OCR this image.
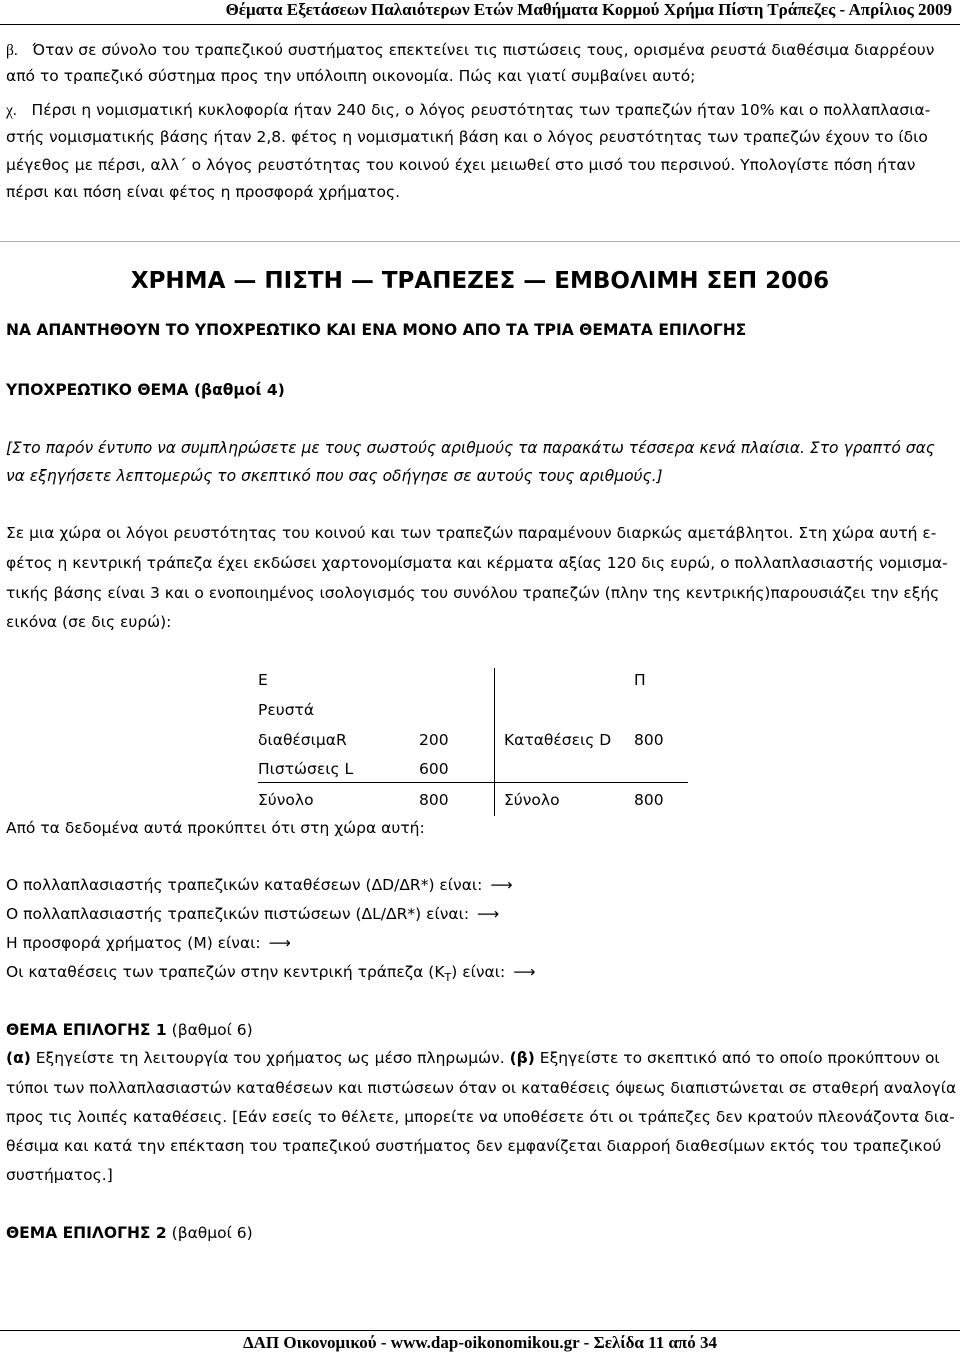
Θέματα Εξετάσεων Παλαιότερων Ετών Μαθήματα Κορμού Χρήμα Πίστη Τράπεζες - Απρίλιος 2009
β. Όταν σε σύνολο του τραπεζικού συστήματος επεκτείνει τις πιστώσεις τους, ορισμένα ρευστά διαθέσιμα διαρρέουν
από το τραπεζικό σύστημα προς την υπόλοιπη οικονομία. Πώς και γιατί συμβαίνει αυτό;
χ. Πέρσι η νομισματική κυκλοφορία ήταν 240 δις, ο λόγος ρευστότητας των τραπεζών ήταν 10% και ο πολλαπλασια-
στής νομισματικής βάσης ήταν 2,8. φέτος η νομισματική βάση και ο λόγος ρευστότητας των τραπεζών έχουν το ίδιο
μέγεθος με πέρσι, αλλ΄ ο λόγος ρευστότητας του κοινού έχει μειωθεί στο μισό του περσινού. Υπολογίστε πόση ήταν
πέρσι και πόση είναι φέτος η προσφορά χρήματος.
ΧΡΗΜΑ — ΠΙΣΤΗ — ΤΡΑΠΕΖΕΣ — ΕΜΒΟΛΙΜΗ ΣΕΠ 2006
ΝΑ ΑΠΑΝΤΗΘΟΥΝ ΤΟ ΥΠΟΧΡΕΩΤΙΚΟ ΚΑΙ ΕΝΑ ΜΟΝΟ ΑΠΟ ΤΑ ΤΡΙΑ ΘΕΜΑΤΑ ΕΠΙΛΟΓΗΣ
ΥΠΟΧΡΕΩΤΙΚΟ ΘΕΜΑ (βαθμοί 4)
[Στο παρόν έντυπο να συμπληρώσετε με τους σωστούς αριθμούς τα παρακάτω τέσσερα κενά πλαίσια. Στο γραπτό σας
να εξηγήσετε λεπτομερώς το σκεπτικό που σας οδήγησε σε αυτούς τους αριθμούς.]
Σε μια χώρα οι λόγοι ρευστότητας του κοινού και των τραπεζών παραμένουν διαρκώς αμετάβλητοι. Στη χώρα αυτή ε-
φέτος η κεντρική τράπεζα έχει εκδώσει χαρτονομίσματα και κέρματα αξίας 120 δις ευρώ, ο πολλαπλασιαστής νομισμα-
τικής βάσης είναι 3 και ο ενοποιημένος ισολογισμός του συνόλου τραπεζών (πλην της κεντρικής)παρουσιάζει την εξής
εικόνα (σε δις ευρώ):
Ε	Π
Ρευστά
διαθέσιμαR	200	Καταθέσεις D 800
Πιστώσεις L	600
Σύνολο	800	Σύνολο	800
Από τα δεδομένα αυτά προκύπτει ότι στη χώρα αυτή:
Ο πολλαπλασιαστής τραπεζικών καταθέσεων (ΔD/ΔR*) είναι: ⟶
Ο πολλαπλασιαστής τραπεζικών πιστώσεων (ΔL/ΔR*) είναι: ⟶
Η προσφορά χρήματος (M) είναι: ⟶
Οι καταθέσεις των τραπεζών στην κεντρική τράπεζα $(K_T)$ είναι: ⟶
ΘΕΜΑ ΕΠΙΛΟΓΗΣ 1 (βαθμοί 6)
(α) Εξηγείστε τη λειτουργία του χρήματος ως μέσο πληρωμών. (β) Εξηγείστε το σκεπτικό από το οποίο προκύπτουν οι
τύποι των πολλαπλασιαστών καταθέσεων και πιστώσεων όταν οι καταθέσεις όψεως διαπιστώνεται σε σταθερή αναλογία
προς τις λοιπές καταθέσεις. [Εάν εσείς το θέλετε, μπορείτε να υποθέσετε ότι οι τράπεζες δεν κρατούν πλεονάζοντα δια-
θέσιμα και κατά την επέκταση του τραπεζικού συστήματος δεν εμφανίζεται διαρροή διαθεσίμων εκτός του τραπεζικού
συστήματος.]
ΘΕΜΑ ΕΠΙΛΟΓΗΣ 2 (βαθμοί 6)
ΔΑΠ Οικονομικού - www.dap-oikonomikou.gr - Σελίδα 11 από 34
